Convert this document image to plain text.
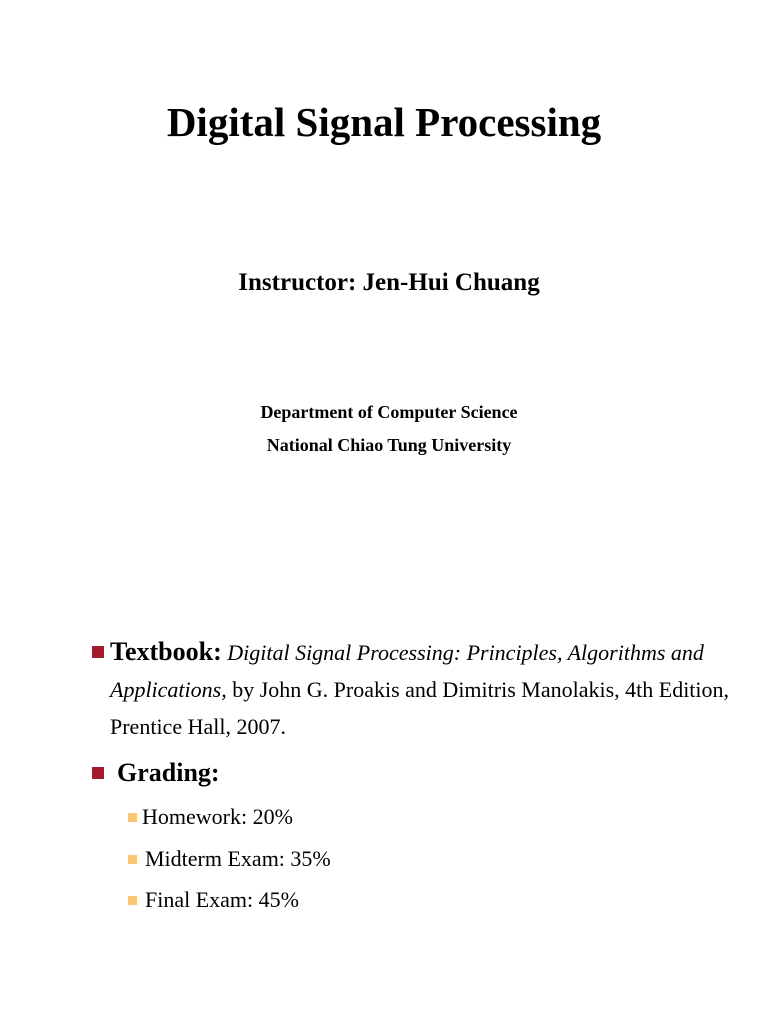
Digital Signal Processing
Instructor: Jen-Hui Chuang
Department of Computer Science
National Chiao Tung University
Textbook: Digital Signal Processing: Principles, Algorithms and Applications, by John G. Proakis and Dimitris Manolakis, 4th Edition, Prentice Hall, 2007.
Grading:
Homework: 20%
Midterm Exam: 35%
Final Exam: 45%
